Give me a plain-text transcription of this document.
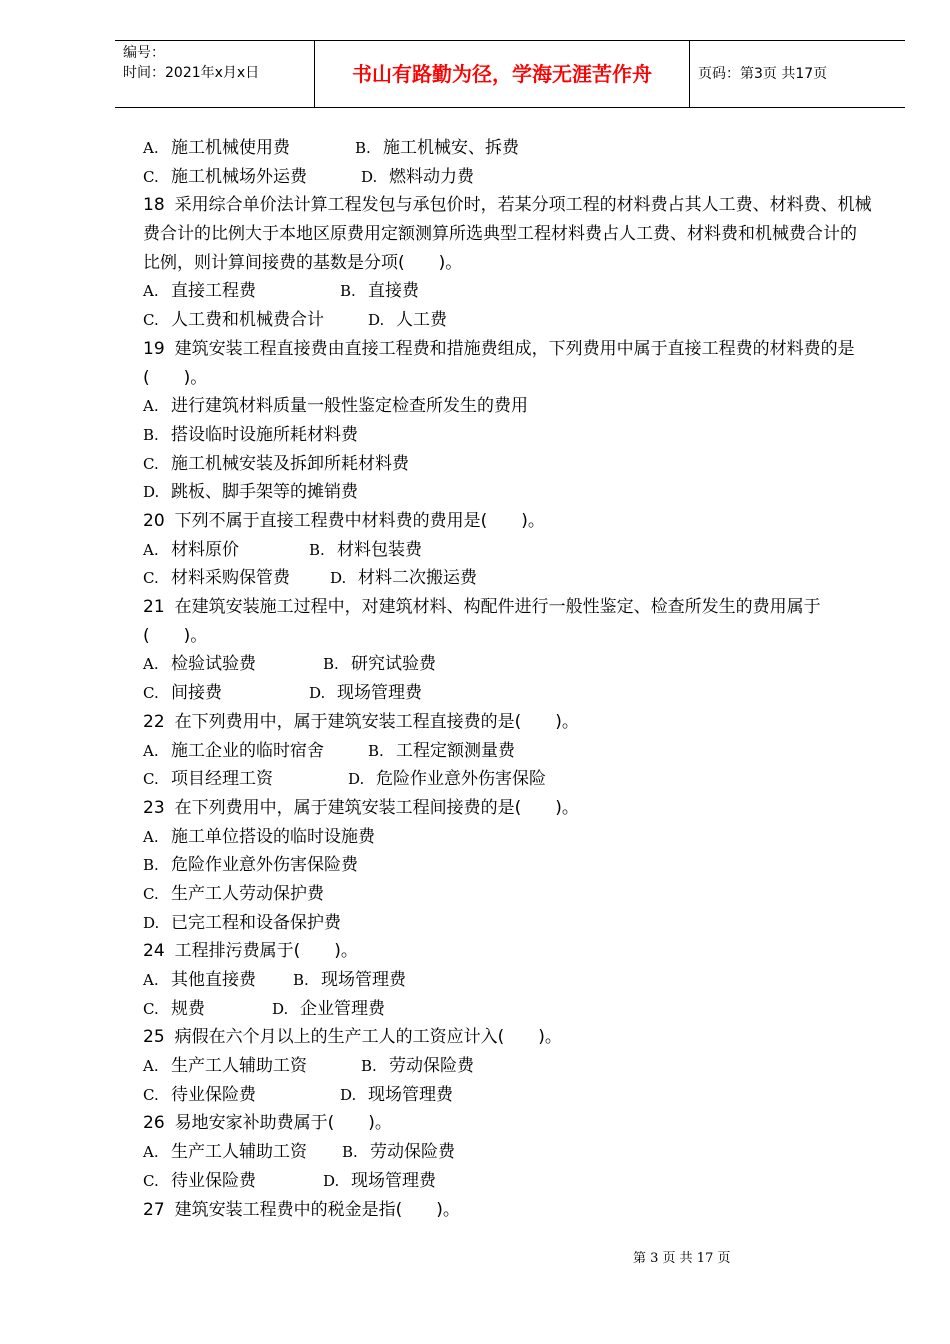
编号：
时间：2021年x月x日	书山有路勤为径，学海无涯苦作舟	页码：第3页 共17页
A. 施工机械使用费	B. 施工机械安、拆费
C. 施工机械场外运费	D. 燃料动力费
18 采用综合单价法计算工程发包与承包价时，若某分项工程的材料费占其人工费、材料费、机械费合计的比例大于本地区原费用定额测算所选典型工程材料费占人工费、材料费和机械费合计的比例，则计算间接费的基数是分项(　　)。
A. 直接工程费	B. 直接费
C. 人工费和机械费合计	D. 人工费
19 建筑安装工程直接费由直接工程费和措施费组成，下列费用中属于直接工程费的材料费的是(　　)。
A. 进行建筑材料质量一般性鉴定检查所发生的费用
B. 搭设临时设施所耗材料费
C. 施工机械安装及拆卸所耗材料费
D. 跳板、脚手架等的摊销费
20 下列不属于直接工程费中材料费的费用是(　　)。
A. 材料原价	B. 材料包装费
C. 材料采购保管费	D. 材料二次搬运费
21 在建筑安装施工过程中，对建筑材料、构配件进行一般性鉴定、检查所发生的费用属于(　　)。
A. 检验试验费	B. 研究试验费
C. 间接费	D. 现场管理费
22 在下列费用中，属于建筑安装工程直接费的是(　　)。
A. 施工企业的临时宿舍	B. 工程定额测量费
C. 项目经理工资	D. 危险作业意外伤害保险
23 在下列费用中，属于建筑安装工程间接费的是(　　)。
A. 施工单位搭设的临时设施费
B. 危险作业意外伤害保险费
C. 生产工人劳动保护费
D. 已完工程和设备保护费
24 工程排污费属于(　　)。
A. 其他直接费 B. 现场管理费
C. 规费	D. 企业管理费
25 病假在六个月以上的生产工人的工资应计入(　　)。
A. 生产工人辅助工资	B. 劳动保险费
C. 待业保险费	D. 现场管理费
26 易地安家补助费属于(　　)。
A. 生产工人辅助工资 B. 劳动保险费
C. 待业保险费	D. 现场管理费
27 建筑安装工程费中的税金是指(　　)。
第 3 页 共 17 页
